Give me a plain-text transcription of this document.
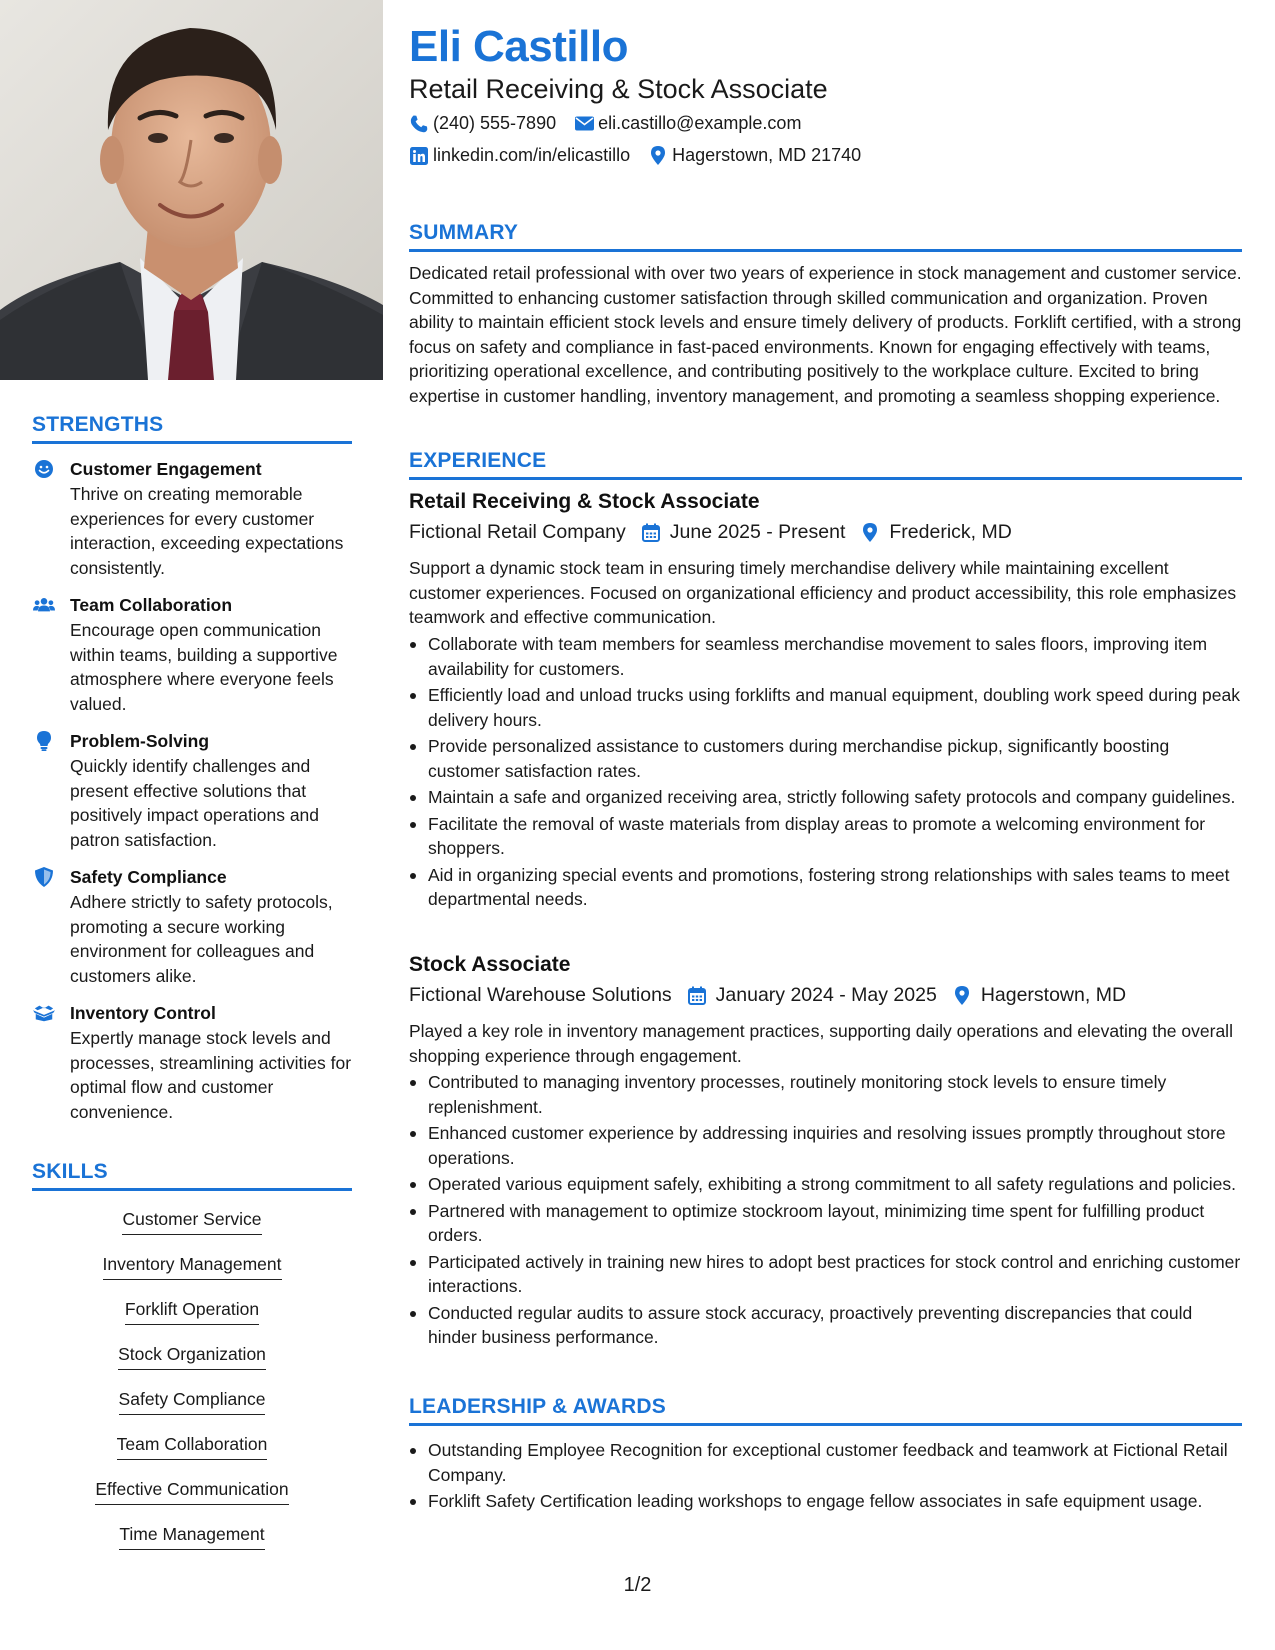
STRENGTHS
Customer Engagement
Thrive on creating memorable experiences for every customer interaction, exceeding expectations consistently.
Team Collaboration
Encourage open communication within teams, building a supportive atmosphere where everyone feels valued.
Problem-Solving
Quickly identify challenges and present effective solutions that positively impact operations and patron satisfaction.
Safety Compliance
Adhere strictly to safety protocols, promoting a secure working environment for colleagues and customers alike.
Inventory Control
Expertly manage stock levels and processes, streamlining activities for optimal flow and customer convenience.
SKILLS
Customer Service
Inventory Management
Forklift Operation
Stock Organization
Safety Compliance
Team Collaboration
Effective Communication
Time Management
Eli Castillo
Retail Receiving & Stock Associate
(240) 555-7890 eli.castillo@example.com
linkedin.com/in/elicastillo Hagerstown, MD 21740
SUMMARY
Dedicated retail professional with over two years of experience in stock management and customer service. Committed to enhancing customer satisfaction through skilled communication and organization. Proven ability to maintain efficient stock levels and ensure timely delivery of products. Forklift certified, with a strong focus on safety and compliance in fast-paced environments. Known for engaging effectively with teams, prioritizing operational excellence, and contributing positively to the workplace culture. Excited to bring expertise in customer handling, inventory management, and promoting a seamless shopping experience.
EXPERIENCE
Retail Receiving & Stock Associate
Fictional Retail Company June 2025 - Present Frederick, MD
Support a dynamic stock team in ensuring timely merchandise delivery while maintaining excellent customer experiences. Focused on organizational efficiency and product accessibility, this role emphasizes teamwork and effective communication.
Collaborate with team members for seamless merchandise movement to sales floors, improving item availability for customers.
Efficiently load and unload trucks using forklifts and manual equipment, doubling work speed during peak delivery hours.
Provide personalized assistance to customers during merchandise pickup, significantly boosting customer satisfaction rates.
Maintain a safe and organized receiving area, strictly following safety protocols and company guidelines.
Facilitate the removal of waste materials from display areas to promote a welcoming environment for shoppers.
Aid in organizing special events and promotions, fostering strong relationships with sales teams to meet departmental needs.
Stock Associate
Fictional Warehouse Solutions January 2024 - May 2025 Hagerstown, MD
Played a key role in inventory management practices, supporting daily operations and elevating the overall shopping experience through engagement.
Contributed to managing inventory processes, routinely monitoring stock levels to ensure timely replenishment.
Enhanced customer experience by addressing inquiries and resolving issues promptly throughout store operations.
Operated various equipment safely, exhibiting a strong commitment to all safety regulations and policies.
Partnered with management to optimize stockroom layout, minimizing time spent for fulfilling product orders.
Participated actively in training new hires to adopt best practices for stock control and enriching customer interactions.
Conducted regular audits to assure stock accuracy, proactively preventing discrepancies that could hinder business performance.
LEADERSHIP & AWARDS
Outstanding Employee Recognition for exceptional customer feedback and teamwork at Fictional Retail Company.
Forklift Safety Certification leading workshops to engage fellow associates in safe equipment usage.
1/2
